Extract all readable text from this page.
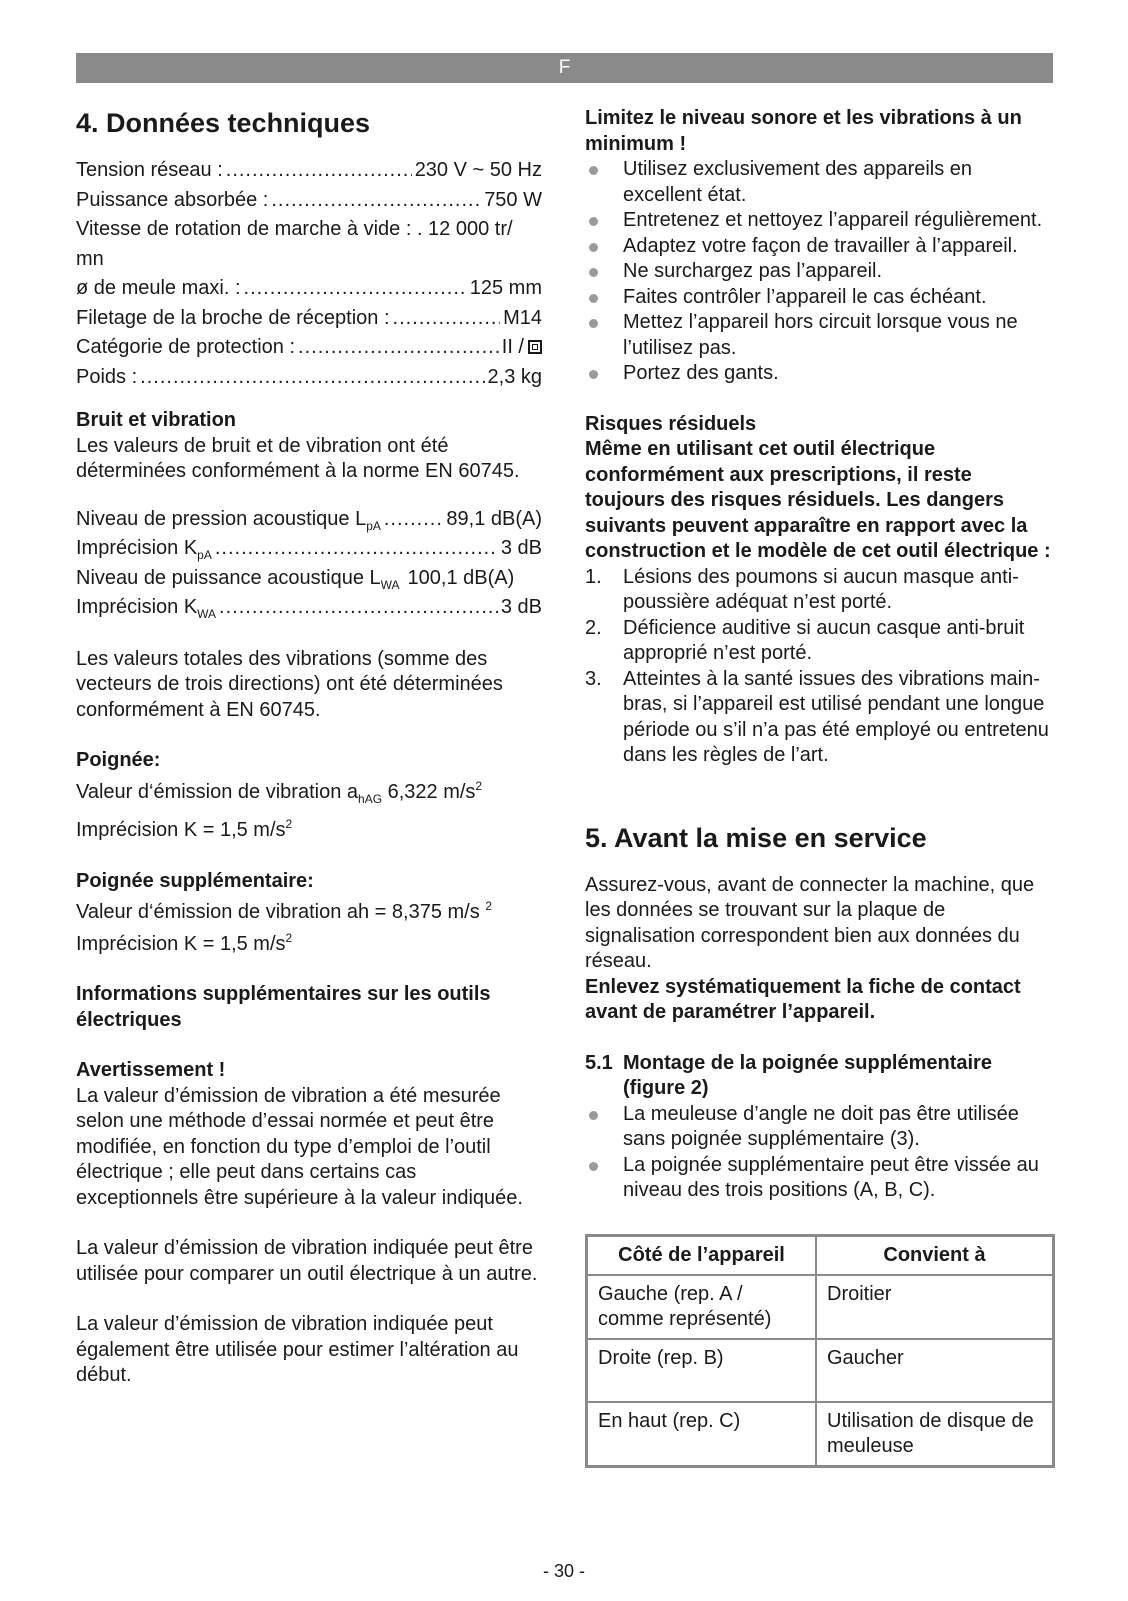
F
4. Données techniques
Tension réseau : .....	230 V ~ 50 Hz
Puissance absorbée : .....	750 W
Vitesse de rotation de marche à vide : . 12 000 tr/
mn
ø de meule maxi. : .....	125 mm
Filetage de la broche de réception : .....	M14
Catégorie de protection : .....	II /
Poids : .....	2,3 kg

Bruit et vibration

Les valeurs de bruit et de vibration ont été déterminées conformément à la norme EN 60745.

Niveau de pression acoustique $L_{pA}$ .....	89,1 dB(A)
Imprécision $K_{pA}$ .....	3 dB
Niveau de puissance acoustique $L_{WA}$ 100,1 dB(A)
Imprécision $K_{WA}$ .....	3 dB

Les valeurs totales des vibrations (somme des vecteurs de trois directions) ont été déterminées conformément à EN 60745.

Poignée:

Valeur d‘émission de vibration $a_{hAG}$ 6,322 $m/s^2$

Imprécision K = 1,5 $m/s^2$

Poignée supplémentaire:

Valeur d‘émission de vibration ah = 8,375 m/s $^2$

Imprécision K = 1,5 $m/s^2$

Informations supplémentaires sur les outils électriques

Avertissement !

La valeur d’émission de vibration a été mesurée selon une méthode d’essai normée et peut être modifiée, en fonction du type d’emploi de l’outil électrique ; elle peut dans certains cas exceptionnels être supérieure à la valeur indiquée.

La valeur d’émission de vibration indiquée peut être utilisée pour comparer un outil électrique à un autre.

La valeur d’émission de vibration indiquée peut également être utilisée pour estimer l’altération au début.

Limitez le niveau sonore et les vibrations à un minimum !

Utilisez exclusivement des appareils en excellent état.
Entretenez et nettoyez l’appareil régulièrement.
Adaptez votre façon de travailler à l’appareil.
Ne surchargez pas l’appareil.
Faites contrôler l’appareil le cas échéant.
Mettez l’appareil hors circuit lorsque vous ne l’utilisez pas.
Portez des gants.

Risques résiduels

Même en utilisant cet outil électrique conformément aux prescriptions, il reste toujours des risques résiduels. Les dangers suivants peuvent apparaître en rapport avec la construction et le modèle de cet outil électrique :

1. Lésions des poumons si aucun masque anti-poussière adéquat n’est porté.
2. Déficience auditive si aucun casque anti-bruit approprié n’est porté.
3. Atteintes à la santé issues des vibrations main-bras, si l’appareil est utilisé pendant une longue période ou s’il n’a pas été employé ou entretenu dans les règles de l’art.
5. Avant la mise en service

Assurez-vous, avant de connecter la machine, que les données se trouvant sur la plaque de signalisation correspondent bien aux données du réseau.

Enlevez systématiquement la fiche de contact avant de paramétrer l’appareil.

5.1 Montage de la poignée supplémentaire (figure 2)
La meuleuse d’angle ne doit pas être utilisée sans poignée supplémentaire (3).
La poignée supplémentaire peut être vissée au niveau des trois positions (A, B, C).
Côté de l’appareil	Convient à
Gauche (rep. A / comme représenté)	Droitier
Droite (rep. B)	Gaucher
En haut (rep. C)	Utilisation de disque de meuleuse
- 30 -
